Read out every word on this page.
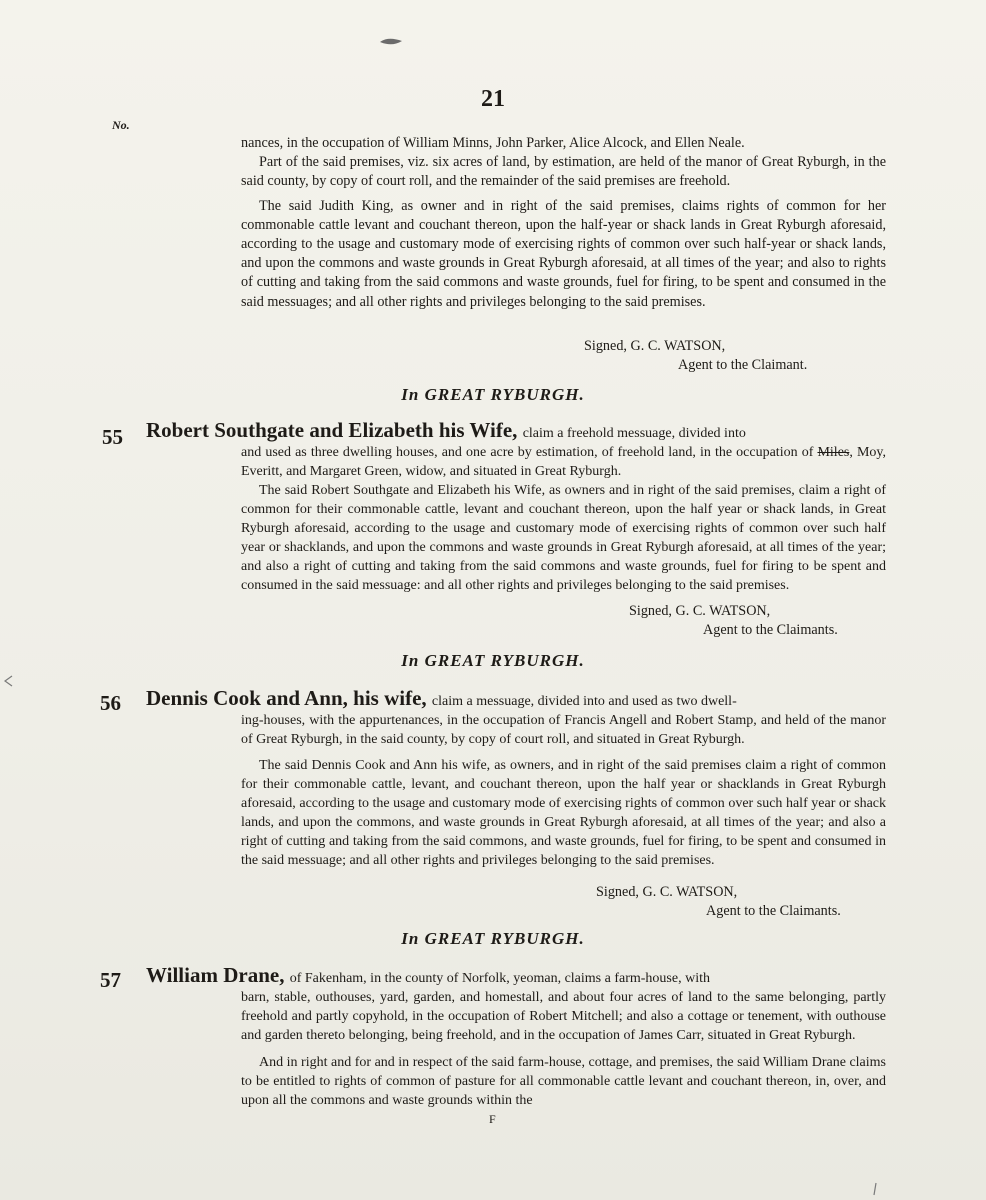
21
No.

nances, in the occupation of William Minns, John Parker, Alice Alcock, and Ellen Neale.

Part of the said premises, viz. six acres of land, by estimation, are held of the manor of Great Ryburgh, in the said county, by copy of court roll, and the remainder of the said premises are freehold.

The said Judith King, as owner and in right of the said premises, claims rights of common for her commonable cattle levant and couchant thereon, upon the half-year or shack lands in Great Ryburgh aforesaid, according to the usage and customary mode of exercising rights of common over such half-year or shack lands, and upon the commons and waste grounds in Great Ryburgh aforesaid, at all times of the year; and also to rights of cutting and taking from the said commons and waste grounds, fuel for firing, to be spent and consumed in the said messuages; and all other rights and privileges belonging to the said premises.

Signed, G. C. WATSON,
Agent to the Claimant.
In GREAT RYBURGH.
55 Robert Southgate and Elizabeth his Wife, claim a freehold messuage, divided into

and used as three dwelling houses, and one acre by estimation, of freehold land, in the occupation of Miles, Moy, Everitt, and Margaret Green, widow, and situated in Great Ryburgh.

The said Robert Southgate and Elizabeth his Wife, as owners and in right of the said premises, claim a right of common for their commonable cattle, levant and couchant thereon, upon the half year or shack lands, in Great Ryburgh aforesaid, according to the usage and customary mode of exercising rights of common over such half year or shacklands, and upon the commons and waste grounds in Great Ryburgh aforesaid, at all times of the year; and also a right of cutting and taking from the said commons and waste grounds, fuel for firing to be spent and consumed in the said messuage: and all other rights and privileges belonging to the said premises.

Signed, G. C. WATSON,
Agent to the Claimants.
In GREAT RYBURGH.
56 Dennis Cook and Ann, his wife, claim a messuage, divided into and used as two dwell-

ing-houses, with the appurtenances, in the occupation of Francis Angell and Robert Stamp, and held of the manor of Great Ryburgh, in the said county, by copy of court roll, and situated in Great Ryburgh.

The said Dennis Cook and Ann his wife, as owners, and in right of the said premises claim a right of common for their commonable cattle, levant, and couchant thereon, upon the half year or shacklands in Great Ryburgh aforesaid, according to the usage and customary mode of exercising rights of common over such half year or shack lands, and upon the commons, and waste grounds in Great Ryburgh aforesaid, at all times of the year; and also a right of cutting and taking from the said commons, and waste grounds, fuel for firing, to be spent and consumed in the said messuage; and all other rights and privileges belonging to the said premises.

Signed, G. C. WATSON,
Agent to the Claimants.
In GREAT RYBURGH.
57 William Drane, of Fakenham, in the county of Norfolk, yeoman, claims a farm-house, with

barn, stable, outhouses, yard, garden, and homestall, and about four acres of land to the same belonging, partly freehold and partly copyhold, in the occupation of Robert Mitchell; and also a cottage or tenement, with outhouse and garden thereto belonging, being freehold, and in the occupation of James Carr, situated in Great Ryburgh.

And in right and for and in respect of the said farm-house, cottage, and premises, the said William Drane claims to be entitled to rights of common of pasture for all commonable cattle levant and couchant thereon, in, over, and upon all the commons and waste grounds within the

F
